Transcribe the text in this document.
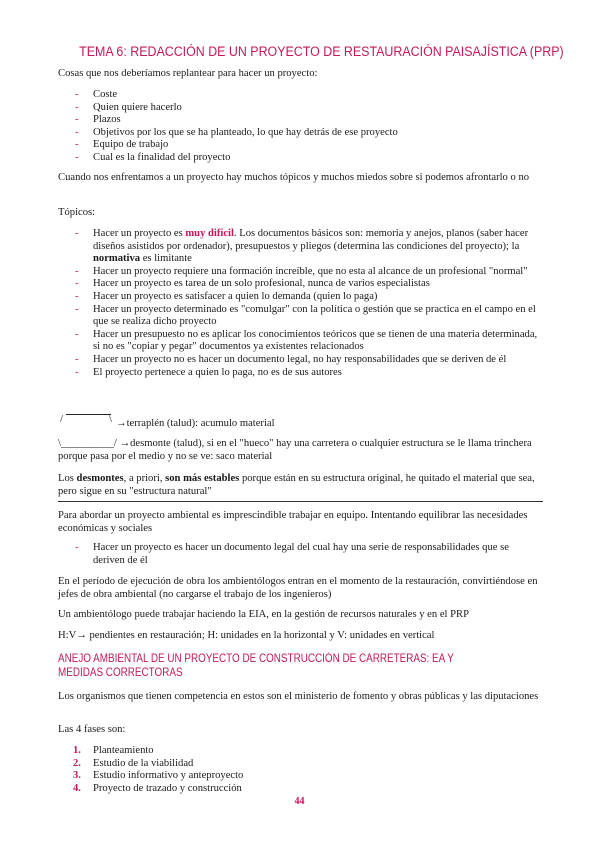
TEMA 6: REDACCIÓN DE UN PROYECTO DE RESTAURACIÓN PAISAJÍSTICA (PRP)
Cosas que nos deberíamos replantear para hacer un proyecto:
- Coste
- Quien quiere hacerlo
- Plazos
- Objetivos por los que se ha planteado, lo que hay detrás de ese proyecto
- Equipo de trabajo
- Cual es la finalidad del proyecto
Cuando nos enfrentamos a un proyecto hay muchos tópicos y muchos miedos sobre si podemos afrontarlo o no
Tópicos:
- Hacer un proyecto es muy difícil. Los documentos básicos son: memoria y anejos, planos (saber hacer diseños asistidos por ordenador), presupuestos y pliegos (determina las condiciones del proyecto); la normativa es limitante
- Hacer un proyecto requiere una formación increíble, que no esta al alcance de un profesional "normal"
- Hacer un proyecto es tarea de un solo profesional, nunca de varios especialistas
- Hacer un proyecto es satisfacer a quien lo demanda (quien lo paga)
- Hacer un proyecto determinado es "comulgar" con la política o gestión que se practica en el campo en el que se realiza dicho proyecto
- Hacer un presupuesto no es aplicar los conocimientos teóricos que se tienen de una materia determinada, si no es "copiar y pegar" documentos ya existentes relacionados
- Hacer un proyecto no es hacer un documento legal, no hay responsabilidades que se deriven de él
- El proyecto pertenece a quien lo paga, no es de sus autores
/	\ →terraplén (talud): acumulo material
\__________/ →desmonte (talud), si en el "hueco" hay una carretera o cualquier estructura se le llama trinchera porque pasa por el medio y no se ve: saco material
Los desmontes, a priori, son más estables porque están en su estructura original, he quitado el material que sea, pero sigue en su "estructura natural"
Para abordar un proyecto ambiental es imprescindible trabajar en equipo. Intentando equilibrar las necesidades económicas y sociales
- Hacer un proyecto es hacer un documento legal del cual hay una serie de responsabilidades que se deriven de él
En el período de ejecución de obra los ambientólogos entran en el momento de la restauración, convirtiéndose en jefes de obra ambiental (no cargarse el trabajo de los ingenieros)
Un ambientólogo puede trabajar haciendo la EIA, en la gestión de recursos naturales y en el PRP
H:V→ pendientes en restauración; H: unidades en la horizontal y V: unidades en vertical
ANEJO AMBIENTAL DE UN PROYECTO DE CONSTRUCCIÓN DE CARRETERAS: EA Y MEDIDAS CORRECTORAS
Los organismos que tienen competencia en estos son el ministerio de fomento y obras públicas y las diputaciones
Las 4 fases son:
1. Planteamiento
2. Estudio de la viabilidad
3. Estudio informativo y anteproyecto
4. Proyecto de trazado y construcción
44
